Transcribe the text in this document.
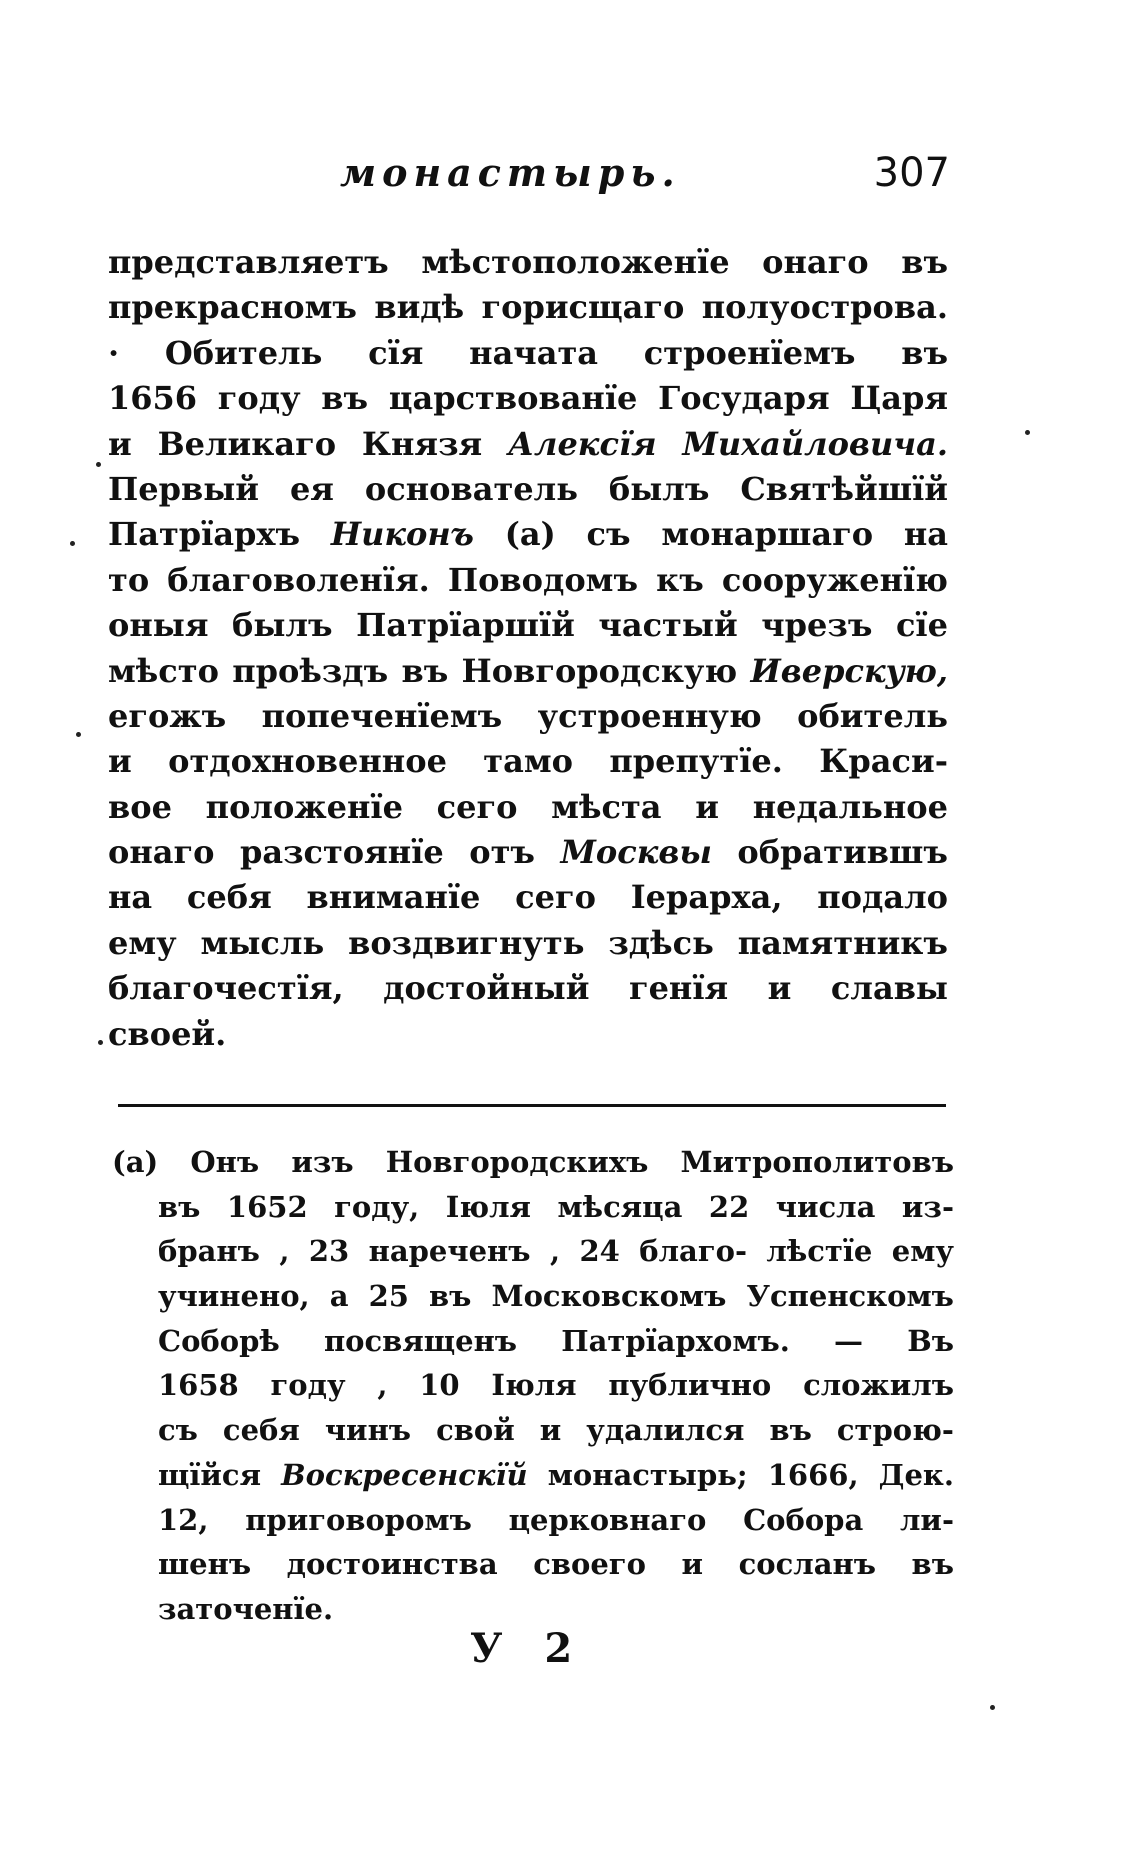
монастырь.	307
представляетъ мѣстоположенїе онаго въ
прекрасномъ видѣ горисщаго полуострова.
· Обитель сїя начата строенїемъ въ
1656 году въ царствованїе Государя Царя
и Великаго Князя Алексїя Михайловича.
Первый ея основатель былъ Святѣйшїй
Патрїархъ Никонъ (а) съ монаршаго на
то благоволенїя. Поводомъ къ сооруженїю
оныя былъ Патрїаршїй частый чрезъ сїе
мѣсто проѣздъ въ Новгородскую Иверскую,
егожъ попеченїемъ устроенную обитель
и отдохновенное тамо препутїе. Краси-
вое положенїе сего мѣста и недальное
онаго разстоянїе отъ Москвы обратившъ
на себя вниманїе сего Iерарха, подало
ему мысль воздвигнуть здѣсь памятникъ
благочестїя, достойный генїя и славы
своей.
(а) Онъ изъ Новгородскихъ Митрополитовъ
въ 1652 году, Iюля мѣсяца 22 числа из-
бранъ , 23 нареченъ , 24 благо- лѣстїе ему
учинено, а 25 въ Московскомъ Успенскомъ
Соборѣ посвященъ Патрїархомъ. — Въ
1658 году , 10 Iюля публично сложилъ
съ себя чинъ свой и удалился въ строю-
щїйся Воскресенскїй монастырь; 1666, Дек.
12, приговоромъ церковнаго Собора ли-
шенъ достоинства своего и сосланъ въ
заточенїе.
У 2
